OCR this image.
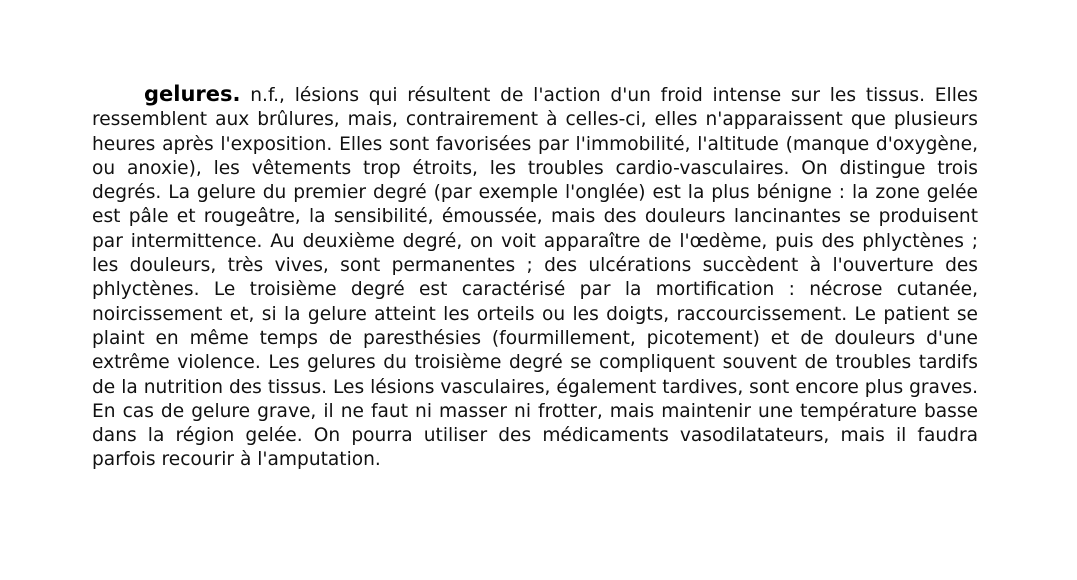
gelures. n.f., lésions qui résultent de l'action d'un froid intense sur les tissus. Elles ressemblent aux brûlures, mais, contrairement à celles-ci, elles n'apparaissent que plusieurs heures après l'exposition. Elles sont favorisées par l'immobilité, l'altitude (manque d'oxygène, ou anoxie), les vêtements trop étroits, les troubles cardio-vasculaires. On distingue trois degrés. La gelure du premier degré (par exemple l'onglée) est la plus bénigne : la zone gelée est pâle et rougeâtre, la sensibilité, émoussée, mais des douleurs lancinantes se produisent par intermittence. Au deuxième degré, on voit apparaître de l'œdème, puis des phlyctènes ; les douleurs, très vives, sont permanentes ; des ulcérations succèdent à l'ouverture des phlyctènes. Le troisième degré est caractérisé par la mortification : nécrose cutanée, noircissement et, si la gelure atteint les orteils ou les doigts, raccourcissement. Le patient se plaint en même temps de paresthésies (fourmillement, picotement) et de douleurs d'une extrême violence. Les gelures du troisième degré se compliquent souvent de troubles tardifs de la nutrition des tissus. Les lésions vasculaires, également tardives, sont encore plus graves. En cas de gelure grave, il ne faut ni masser ni frotter, mais maintenir une température basse dans la région gelée. On pourra utiliser des médicaments vasodilatateurs, mais il faudra parfois recourir à l'amputation.
